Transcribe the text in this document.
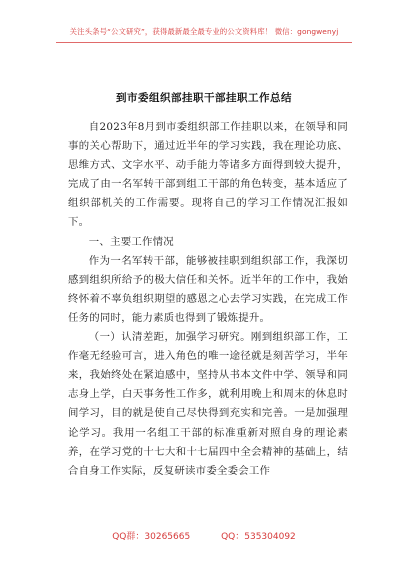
关注头条号“公文研究”，获得最新最全最专业的公文资料库！ 微信：gongwenyj
到市委组织部挂职干部挂职工作总结

自2023年8月到市委组织部工作挂职以来，在领导和同事的关心帮助下，通过近半年的学习实践，我在理论功底、思维方式、文字水平、动手能力等诸多方面得到较大提升，完成了由一名军转干部到组工干部的角色转变，基本适应了组织部机关的工作需要。现将自己的学习工作情况汇报如下。

一、主要工作情况

作为一名军转干部，能够被挂职到组织部工作，我深切感到组织所给予的极大信任和关怀。近半年的工作中，我始终怀着不辜负组织期望的感恩之心去学习实践，在完成工作任务的同时，能力素质也得到了锻炼提升。

（一）认清差距，加强学习研究。刚到组织部工作，工作毫无经验可言，进入角色的唯一途径就是刻苦学习，半年来，我始终处在紧迫感中，坚持从书本文件中学、领导和同志身上学，白天事务性工作多，就利用晚上和周末的休息时间学习，目的就是使自己尽快得到充实和完善。一是加强理论学习。我用一名组工干部的标准重新对照自身的理论素养，在学习党的十七大和十七届四中全会精神的基础上，结合自身工作实际，反复研读市委全委会工作

QQ群：30265665	QQ：535304092
